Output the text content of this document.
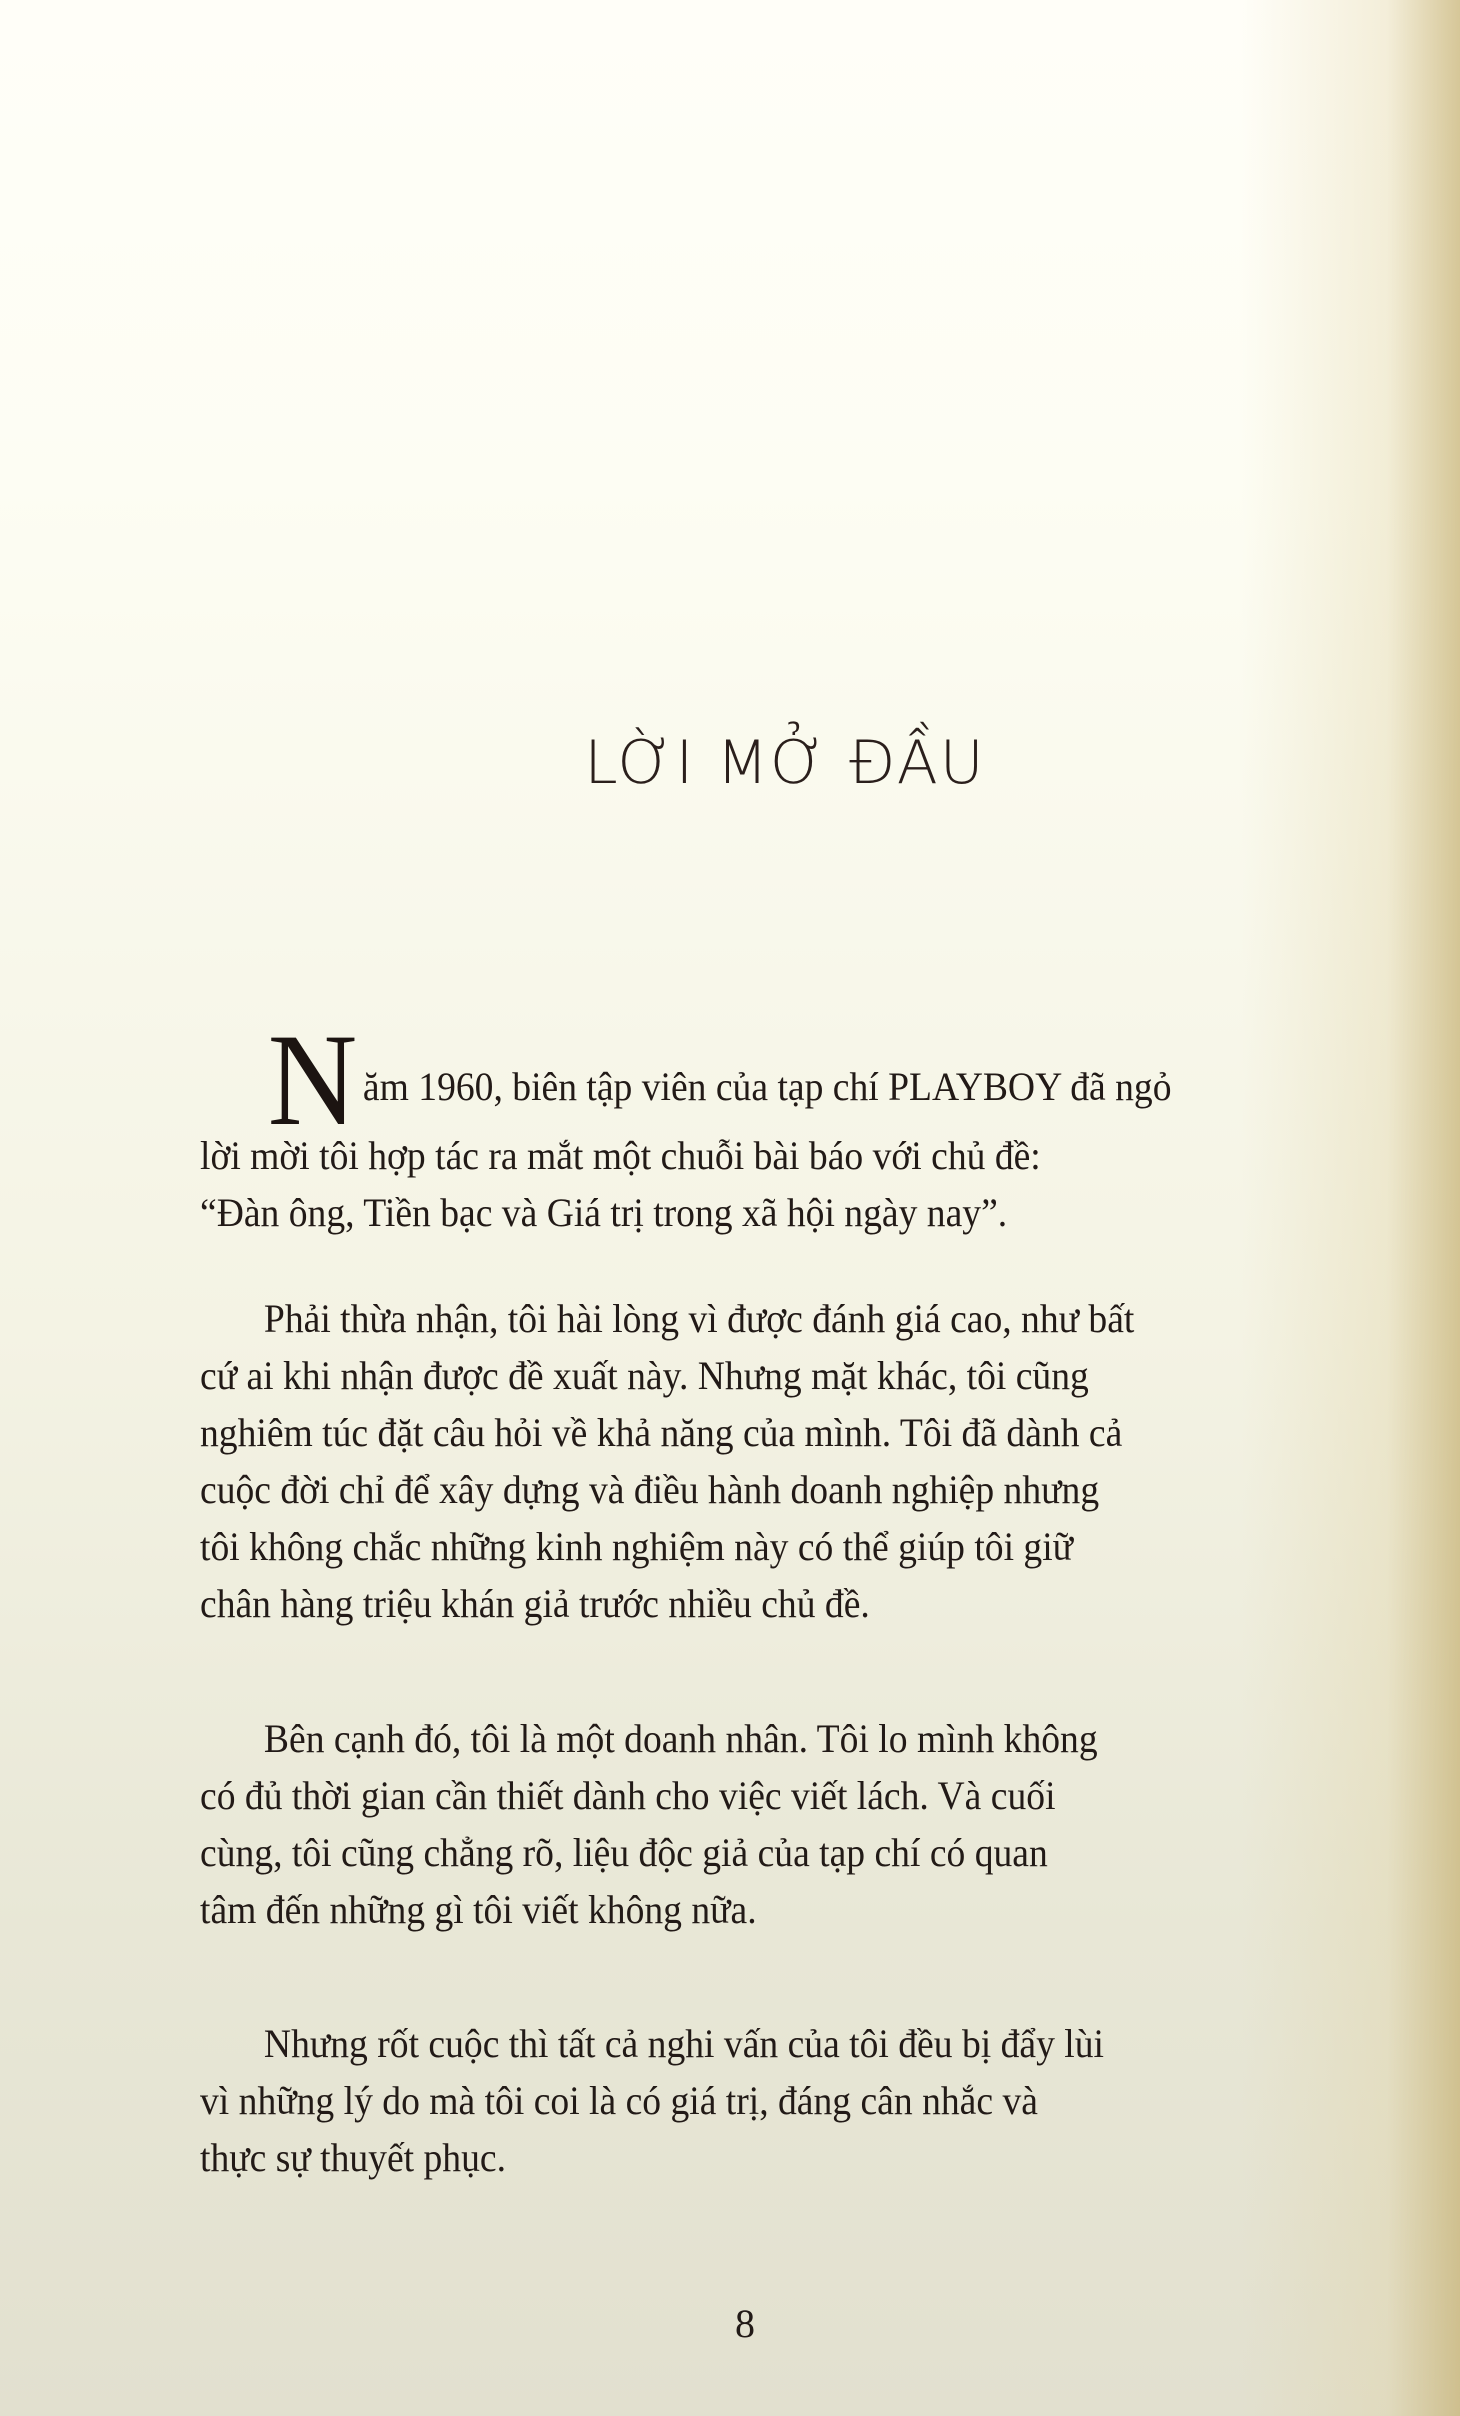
LỜI MỞ ĐẦU
N ăm 1960, biên tập viên của tạp chí PLAYBOY đã ngỏ
lời mời tôi hợp tác ra mắt một chuỗi bài báo với chủ đề:
“Đàn ông, Tiền bạc và Giá trị trong xã hội ngày nay”.
Phải thừa nhận, tôi hài lòng vì được đánh giá cao, như bất
cứ ai khi nhận được đề xuất này. Nhưng mặt khác, tôi cũng
nghiêm túc đặt câu hỏi về khả năng của mình. Tôi đã dành cả
cuộc đời chỉ để xây dựng và điều hành doanh nghiệp nhưng
tôi không chắc những kinh nghiệm này có thể giúp tôi giữ
chân hàng triệu khán giả trước nhiều chủ đề.
Bên cạnh đó, tôi là một doanh nhân. Tôi lo mình không
có đủ thời gian cần thiết dành cho việc viết lách. Và cuối
cùng, tôi cũng chẳng rõ, liệu độc giả của tạp chí có quan
tâm đến những gì tôi viết không nữa.
Nhưng rốt cuộc thì tất cả nghi vấn của tôi đều bị đẩy lùi
vì những lý do mà tôi coi là có giá trị, đáng cân nhắc và
thực sự thuyết phục.
8
